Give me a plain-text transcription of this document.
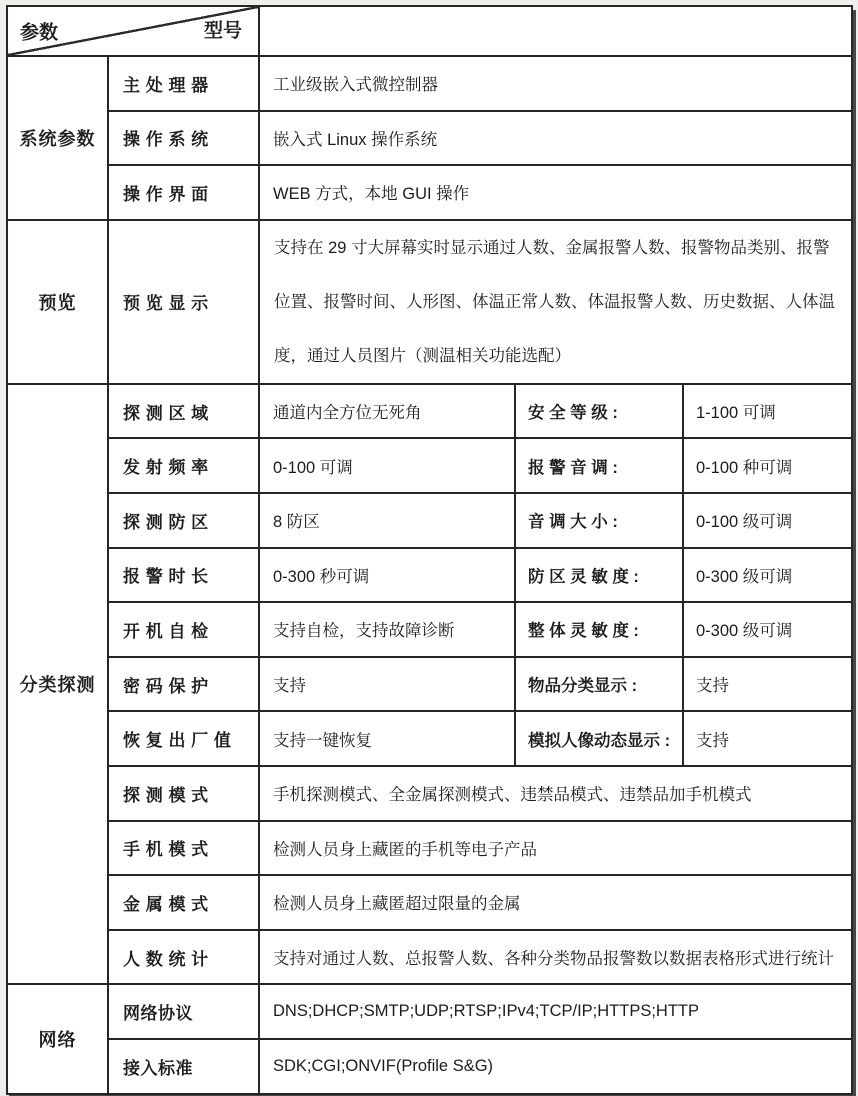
参数 型号				

系统参数	主 处 理 器	工业级嵌入式微控制器		
	操 作 系 统	嵌入式 Linux 操作系统		
	操 作 界 面	WEB 方式，本地 GUI 操作		
预览	预 览 显 示	支持在 29 寸大屏幕实时显示通过人数、金属报警人数、报警物品类别、报警位置、报警时间、人形图、体温正常人数、体温报警人数、历史数据、人体温度，通过人员图片（测温相关功能选配）		
分类探测	探 测 区 域	通道内全方位无死角	安 全 等 级 :	1-100 可调
	发 射 频 率	0-100 可调	报 警 音 调 :	0-100 种可调
	探 测 防 区	8 防区	音 调 大 小 :	0-100 级可调
	报 警 时 长	0-300 秒可调	防 区 灵 敏 度 :	0-300 级可调
	开 机 自 检	支持自检，支持故障诊断	整 体 灵 敏 度 :	0-300 级可调
	密 码 保 护	支持	物品分类显示 :	支持
	恢 复 出 厂 值	支持一键恢复	模拟人像动态显示 :	支持
	探 测 模 式	手机探测模式、全金属探测模式、违禁品模式、违禁品加手机模式		
	手 机 模 式	检测人员身上藏匿的手机等电子产品		
	金 属 模 式	检测人员身上藏匿超过限量的金属		
	人 数 统 计	支持对通过人数、总报警人数、各种分类物品报警数以数据表格形式进行统计		
网络	网络协议	DNS;DHCP;SMTP;UDP;RTSP;IPv4;TCP/IP;HTTPS;HTTP		
	接入标准	SDK;CGI;ONVIF(Profile S&G)		
